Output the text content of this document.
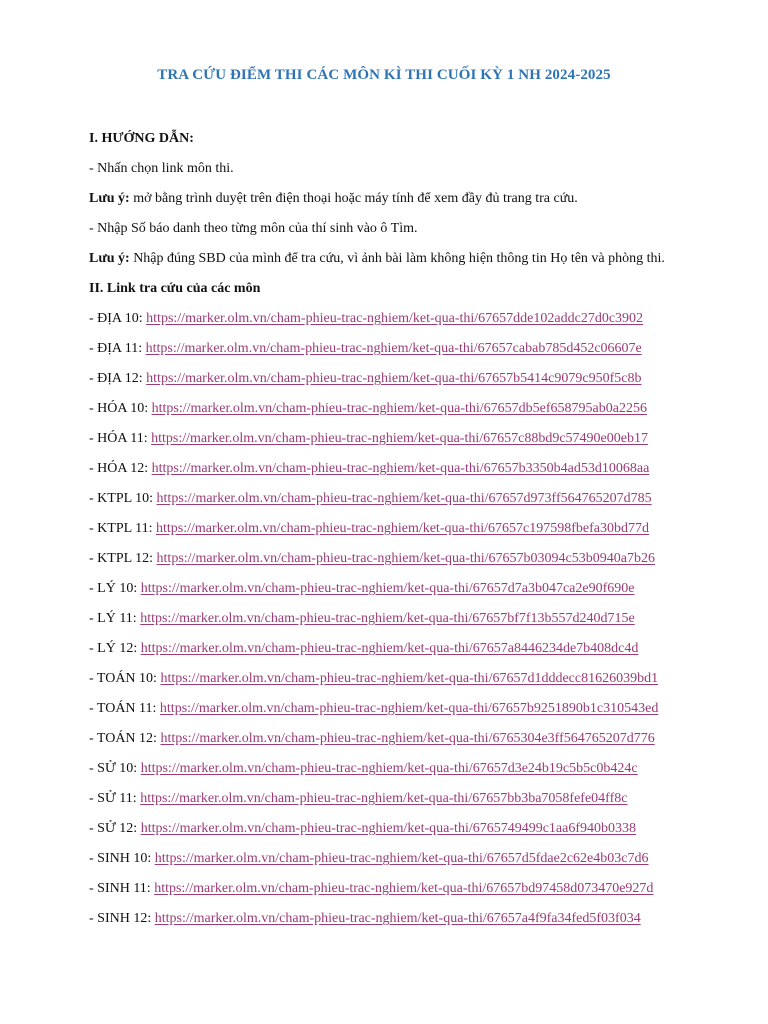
TRA CỨU ĐIỂM THI CÁC MÔN KÌ THI CUỐI KỲ 1 NH 2024-2025
I. HƯỚNG DẪN:

- Nhấn chọn link môn thi.

Lưu ý: mở bằng trình duyệt trên điện thoại hoặc máy tính để xem đầy đủ trang tra cứu.

- Nhập Số báo danh theo từng môn của thí sinh vào ô Tìm.

Lưu ý: Nhập đúng SBD của mình để tra cứu, vì ảnh bài làm không hiện thông tin Họ tên và phòng thi.

II. Link tra cứu của các môn
- ĐỊA 10: https://marker.olm.vn/cham-phieu-trac-nghiem/ket-qua-thi/67657dde102addc27d0c3902
- ĐỊA 11: https://marker.olm.vn/cham-phieu-trac-nghiem/ket-qua-thi/67657cabab785d452c06607e
- ĐỊA 12: https://marker.olm.vn/cham-phieu-trac-nghiem/ket-qua-thi/67657b5414c9079c950f5c8b
- HÓA 10: https://marker.olm.vn/cham-phieu-trac-nghiem/ket-qua-thi/67657db5ef658795ab0a2256
- HÓA 11: https://marker.olm.vn/cham-phieu-trac-nghiem/ket-qua-thi/67657c88bd9c57490e00eb17
- HÓA 12: https://marker.olm.vn/cham-phieu-trac-nghiem/ket-qua-thi/67657b3350b4ad53d10068aa
- KTPL 10: https://marker.olm.vn/cham-phieu-trac-nghiem/ket-qua-thi/67657d973ff564765207d785
- KTPL 11: https://marker.olm.vn/cham-phieu-trac-nghiem/ket-qua-thi/67657c197598fbefa30bd77d
- KTPL 12: https://marker.olm.vn/cham-phieu-trac-nghiem/ket-qua-thi/67657b03094c53b0940a7b26
- LÝ 10: https://marker.olm.vn/cham-phieu-trac-nghiem/ket-qua-thi/67657d7a3b047ca2e90f690e
- LÝ 11: https://marker.olm.vn/cham-phieu-trac-nghiem/ket-qua-thi/67657bf7f13b557d240d715e
- LÝ 12: https://marker.olm.vn/cham-phieu-trac-nghiem/ket-qua-thi/67657a8446234de7b408dc4d
- TOÁN 10: https://marker.olm.vn/cham-phieu-trac-nghiem/ket-qua-thi/67657d1dddecc81626039bd1
- TOÁN 11: https://marker.olm.vn/cham-phieu-trac-nghiem/ket-qua-thi/67657b9251890b1c310543ed
- TOÁN 12: https://marker.olm.vn/cham-phieu-trac-nghiem/ket-qua-thi/6765304e3ff564765207d776
- SỬ 10: https://marker.olm.vn/cham-phieu-trac-nghiem/ket-qua-thi/67657d3e24b19c5b5c0b424c
- SỬ 11: https://marker.olm.vn/cham-phieu-trac-nghiem/ket-qua-thi/67657bb3ba7058fefe04ff8c
- SỬ 12: https://marker.olm.vn/cham-phieu-trac-nghiem/ket-qua-thi/6765749499c1aa6f940b0338
- SINH 10: https://marker.olm.vn/cham-phieu-trac-nghiem/ket-qua-thi/67657d5fdae2c62e4b03c7d6
- SINH 11: https://marker.olm.vn/cham-phieu-trac-nghiem/ket-qua-thi/67657bd97458d073470e927d
- SINH 12: https://marker.olm.vn/cham-phieu-trac-nghiem/ket-qua-thi/67657a4f9fa34fed5f03f034
